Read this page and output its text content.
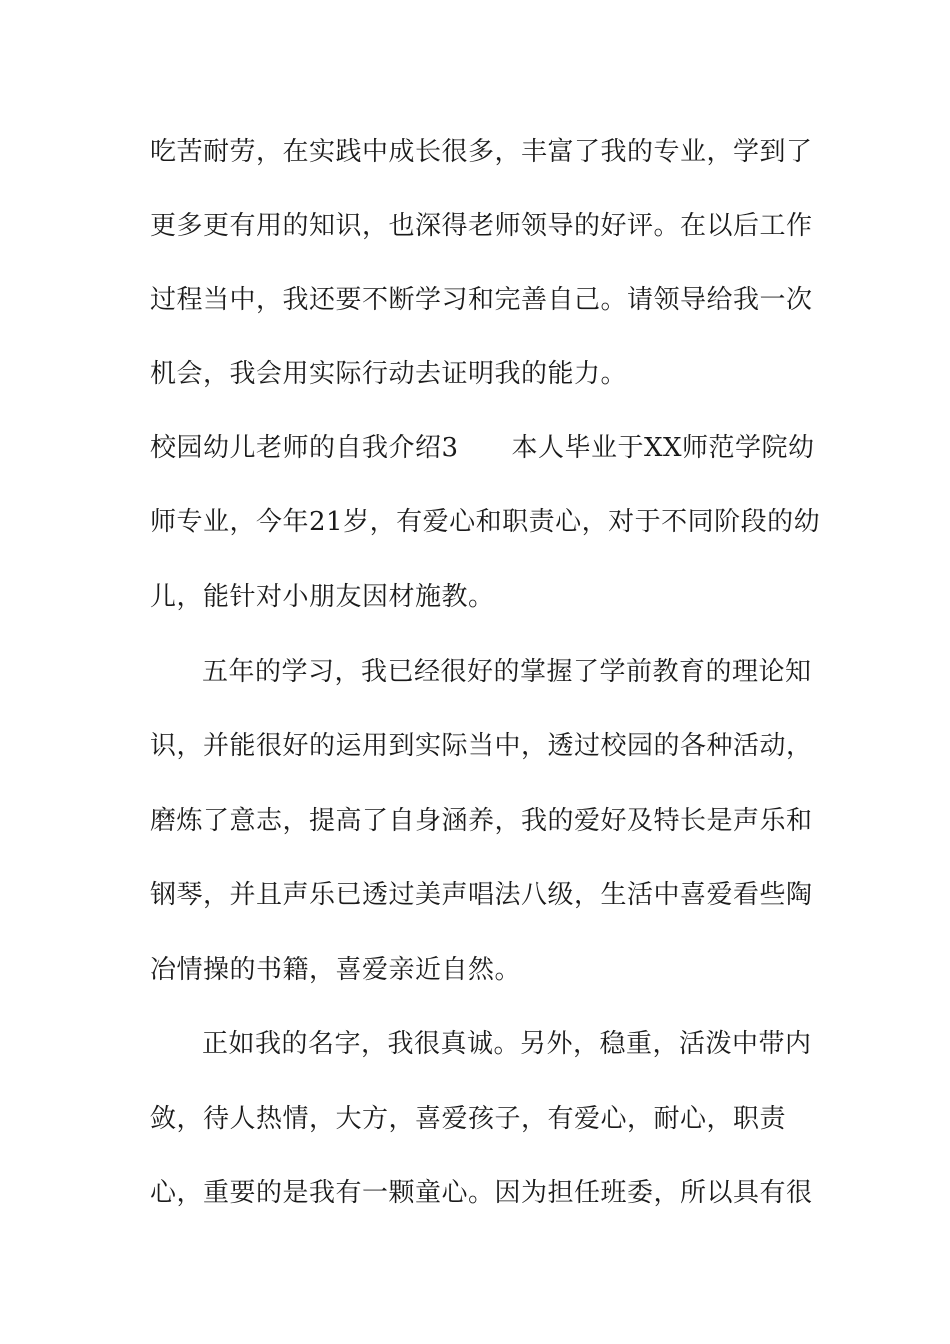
吃苦耐劳，在实践中成长很多，丰富了我的专业，学到了
更多更有用的知识，也深得老师领导的好评。在以后工作
过程当中，我还要不断学习和完善自己。请领导给我一次
机会，我会用实际行动去证明我的能力。
校园幼儿老师的自我介绍3　　本人毕业于XX师范学院幼
师专业，今年21岁，有爱心和职责心，对于不同阶段的幼
儿，能针对小朋友因材施教。
五年的学习，我已经很好的掌握了学前教育的理论知
识，并能很好的运用到实际当中，透过校园的各种活动，
磨炼了意志，提高了自身涵养，我的爱好及特长是声乐和
钢琴，并且声乐已透过美声唱法八级，生活中喜爱看些陶
冶情操的书籍，喜爱亲近自然。
正如我的名字，我很真诚。另外，稳重，活泼中带内
敛，待人热情，大方，喜爱孩子，有爱心，耐心，职责
心，重要的是我有一颗童心。因为担任班委，所以具有很
